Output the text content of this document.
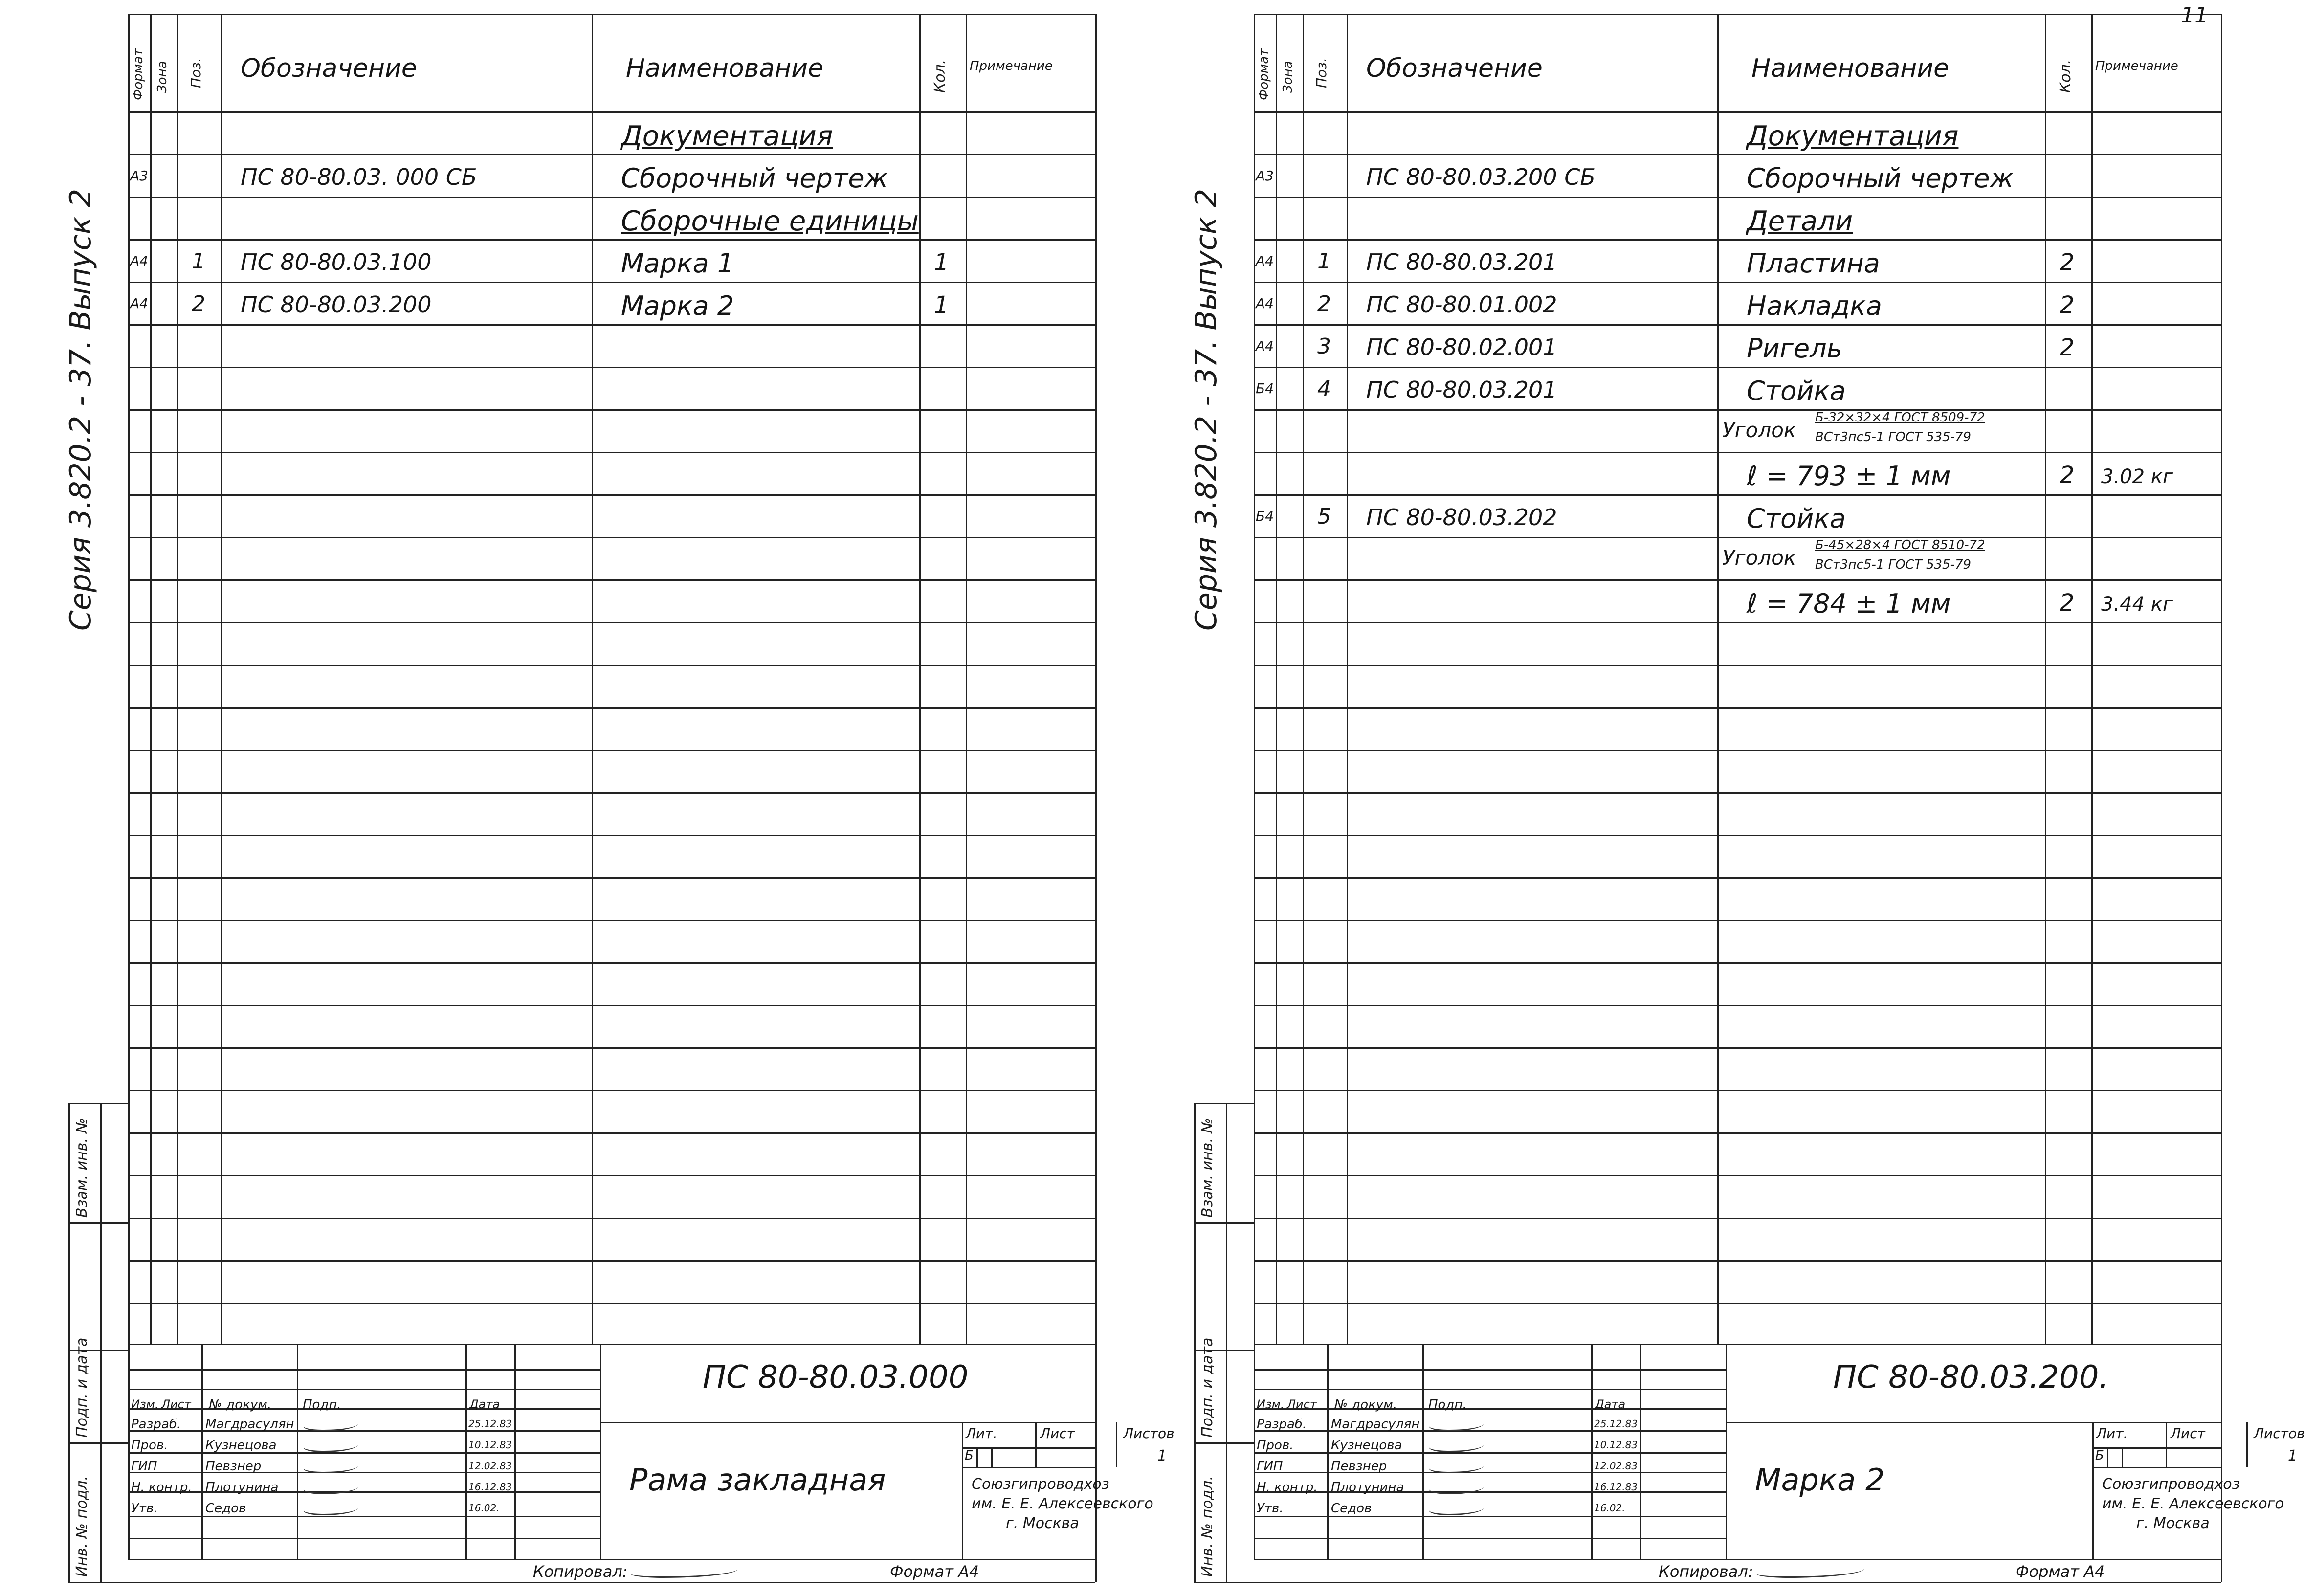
Формат Зона Поз. Обозначение	Наименование	Кол. Примечание
Документация
А3	ПС 80-80.03. 000 СБ	Сборочный чертеж
Сборочные единицы
А4 1 ПС 80-80.03.100	Марка 1	1
А4 2 ПС 80-80.03.200	Марка 2	1
Серия 3.820.2 - 37. Выпуск 2
Взам. инв. №
Подп. и дата
Инв. № подл.
Изм. Лист № докум. Подп.	Дата
Разраб. Магдрасулян	25.12.83
Пров.	Кузнецова	10.12.83
ГИП	Певзнер	12.02.83
Н. контр. Плотунина	16.12.83
Утв.	Седов	16.02.
ПС 80-80.03.000
Рама закладная
Лит.	Лист	Листов
Б	1
Союзгипроводхоз
им. Е. Е. Алексеевского
г. Москва
Копировал:	Формат А4
Формат Зона Поз. Обозначение	Наименование	Кол. Примечание
Документация
А3	ПС 80-80.03.200 СБ	Сборочный чертеж
Детали
А4 1 ПС 80-80.03.201	Пластина	2
А4 2 ПС 80-80.01.002	Накладка	2
А4 3 ПС 80-80.02.001	Ригель	2
Б4 4 ПС 80-80.03.201	Стойка
Уголок
Б-32×32×4 ГОСТ 8509-72
ВСт3пс5-1 ГОСТ 535-79
ℓ = 793 ± 1 мм	2 3.02 кг
Б4 5 ПС 80-80.03.202	Стойка
Уголок
Б-45×28×4 ГОСТ 8510-72
ВСт3пс5-1 ГОСТ 535-79
ℓ = 784 ± 1 мм	2 3.44 кг
Серия 3.820.2 - 37. Выпуск 2
Взам. инв. №
Подп. и дата
Инв. № подл.
Изм. Лист № докум. Подп.	Дата
Разраб. Магдрасулян	25.12.83
Пров.	Кузнецова	10.12.83
ГИП	Певзнер	12.02.83
Н. контр. Плотунина	16.12.83
Утв.	Седов	16.02.
ПС 80-80.03.200.
Марка 2
Лит.	Лист	Листов
Б	1
Союзгипроводхоз
им. Е. Е. Алексеевского
г. Москва
Копировал:	Формат А4
11
